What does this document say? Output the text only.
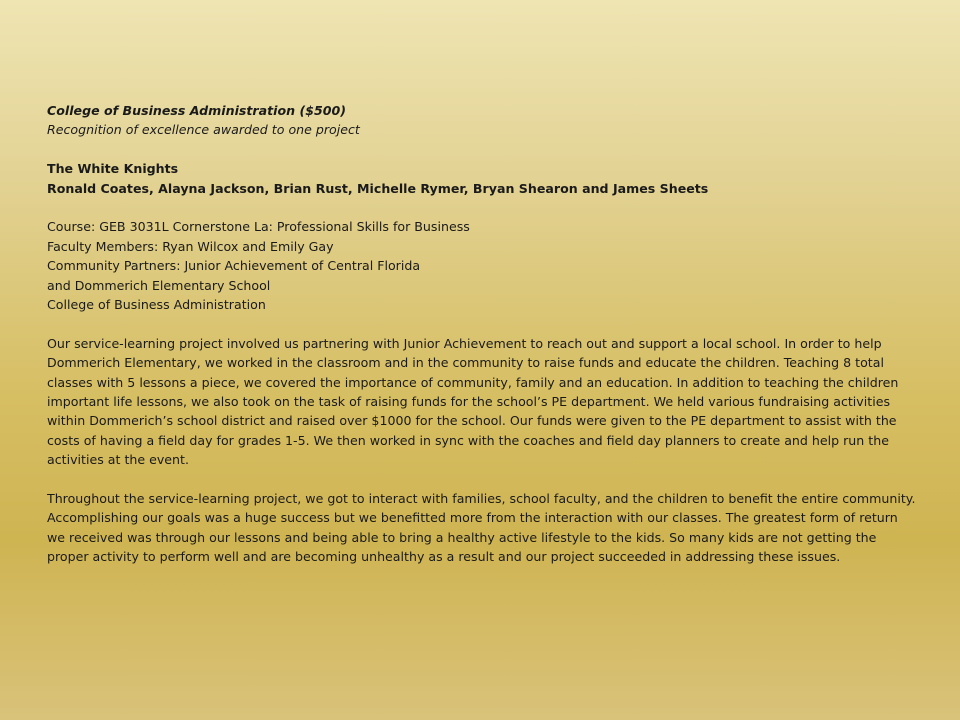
College of Business Administration ($500)
Recognition of excellence awarded to one project
The White Knights
Ronald Coates, Alayna Jackson, Brian Rust, Michelle Rymer, Bryan Shearon and James Sheets
Course: GEB 3031L Cornerstone La: Professional Skills for Business
Faculty Members: Ryan Wilcox and Emily Gay
Community Partners: Junior Achievement of Central Florida
and Dommerich Elementary School
College of Business Administration
Our service-learning project involved us partnering with Junior Achievement to reach out and support a local school. In order to help Dommerich Elementary, we worked in the classroom and in the community to raise funds and educate the children. Teaching 8 total classes with 5 lessons a piece, we covered the importance of community, family and an education. In addition to teaching the children important life lessons, we also took on the task of raising funds for the school’s PE department. We held various fundraising activities within Dommerich’s school district and raised over $1000 for the school. Our funds were given to the PE department to assist with the costs of having a field day for grades 1-5. We then worked in sync with the coaches and field day planners to create and help run the activities at the event.
Throughout the service-learning project, we got to interact with families, school faculty, and the children to benefit the entire community. Accomplishing our goals was a huge success but we benefitted more from the interaction with our classes. The greatest form of return we received was through our lessons and being able to bring a healthy active lifestyle to the kids. So many kids are not getting the proper activity to perform well and are becoming unhealthy as a result and our project succeeded in addressing these issues.
